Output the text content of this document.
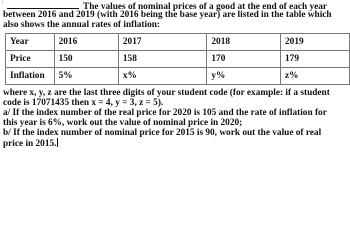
⁝	The values of nominal prices of a good at the end of each year
between 2016 and 2019 (with 2016 being the base year) are listed in the table which
also shows the annual rates of inflation:
Year	2016	2017	2018	2019
Price	150	158	170	179
Inflation	5%	x%	y%	z%
where x, y, z are the last three digits of your student code (for example: if a student
code is 17071435 then x = 4, y = 3, z = 5).
a/ If the index number of the real price for 2020 is 105 and the rate of inflation for
this year is 6%, work out the value of nominal price in 2020;
b/ If the index number of nominal price for 2015 is 90, work out the value of real
price in 2015.
